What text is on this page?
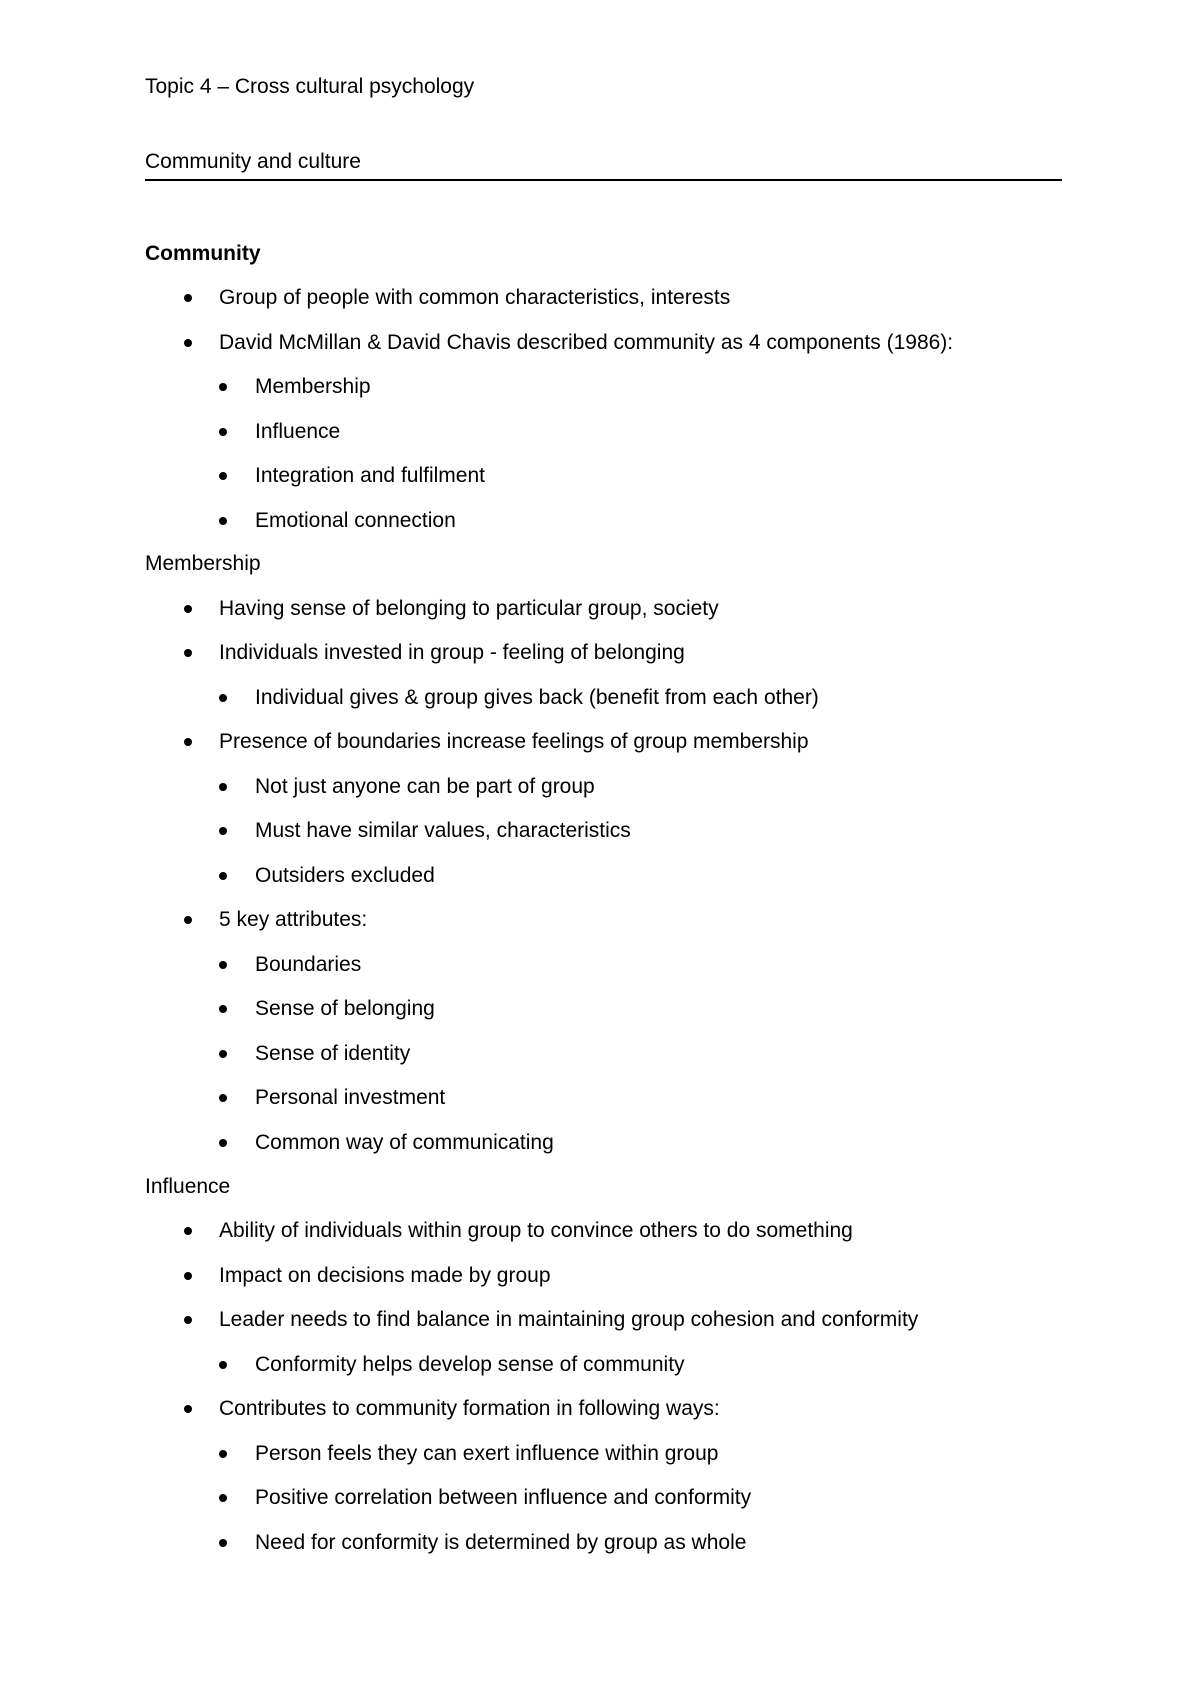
Topic 4 – Cross cultural psychology
Community and culture
Community
Group of people with common characteristics, interests
David McMillan & David Chavis described community as 4 components (1986):
Membership
Influence
Integration and fulfilment
Emotional connection
Membership
Having sense of belonging to particular group, society
Individuals invested in group - feeling of belonging
Individual gives & group gives back (benefit from each other)
Presence of boundaries increase feelings of group membership
Not just anyone can be part of group
Must have similar values, characteristics
Outsiders excluded
5 key attributes:
Boundaries
Sense of belonging
Sense of identity
Personal investment
Common way of communicating
Influence
Ability of individuals within group to convince others to do something
Impact on decisions made by group
Leader needs to find balance in maintaining group cohesion and conformity
Conformity helps develop sense of community
Contributes to community formation in following ways:
Person feels they can exert influence within group
Positive correlation between influence and conformity
Need for conformity is determined by group as whole
